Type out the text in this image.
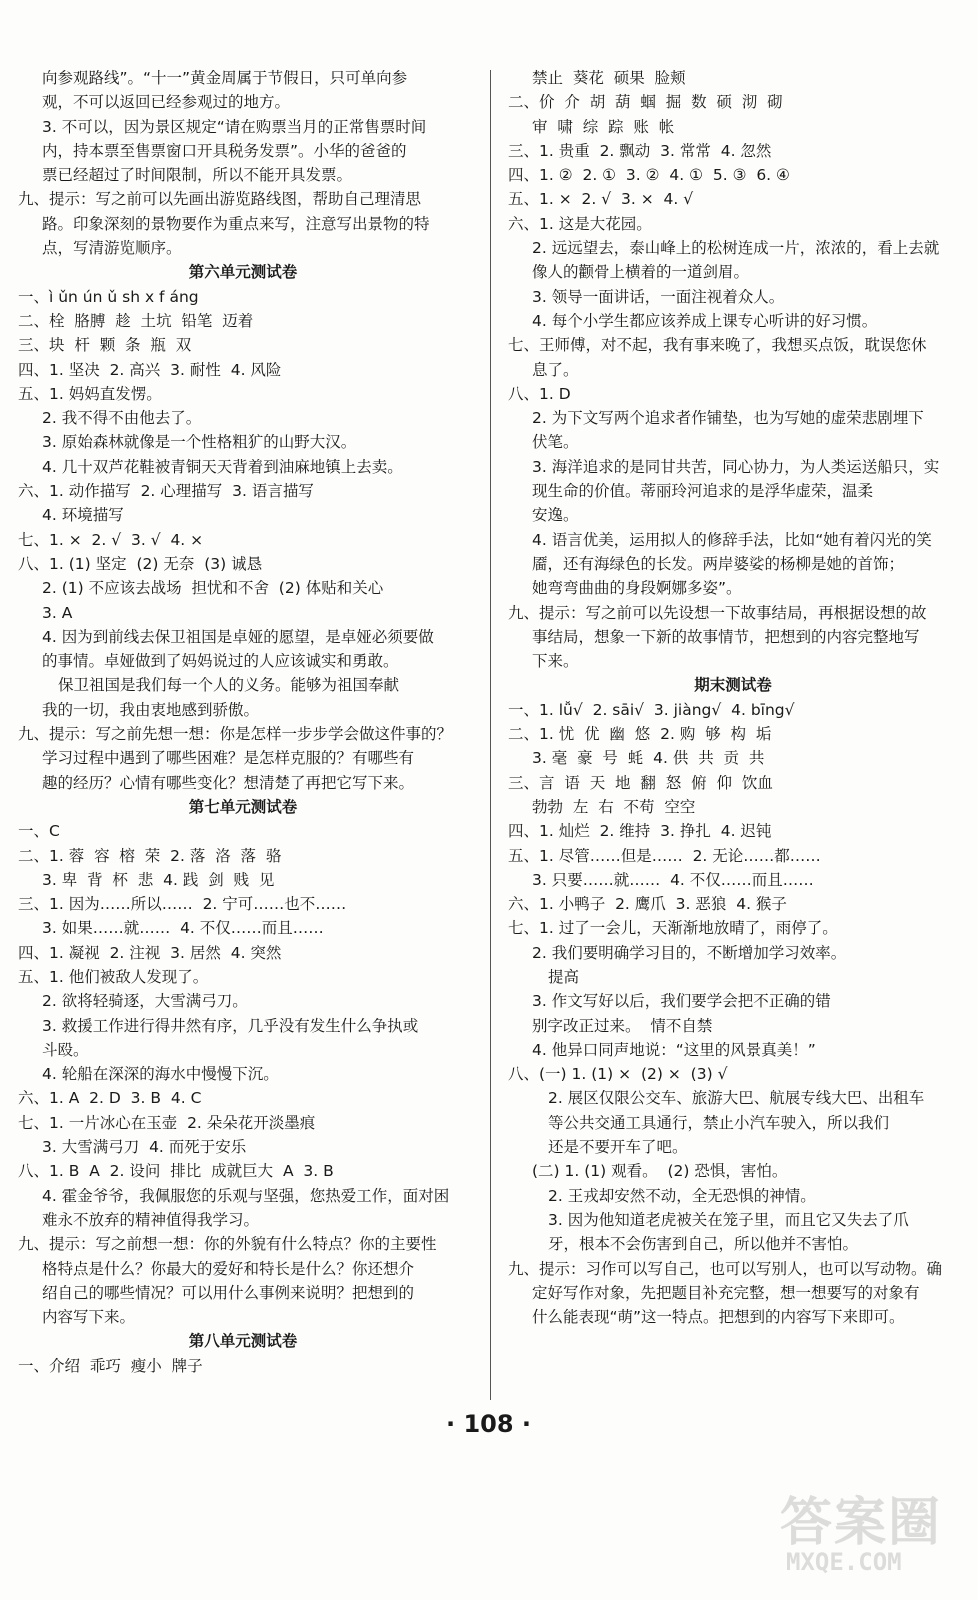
向参观路线”。“十一”黄金周属于节假日，只可单向参
观，不可以返回已经参观过的地方。
3. 不可以，因为景区规定“请在购票当月的正常售票时间
内，持本票至售票窗口开具税务发票”。小华的爸爸的
票已经超过了时间限制，所以不能开具发票。
九、提示：写之前可以先画出游览路线图，帮助自己理清思
路。印象深刻的景物要作为重点来写，注意写出景物的特
点，写清游览顺序。
第六单元测试卷
一、ì ǔn ún ǔ sh x f áng
二、栓  胳膊  趁  土坑  铅笔  迈着
三、块  杆  颗  条  瓶  双
四、1. 坚决  2. 高兴  3. 耐性  4. 风险
五、1. 妈妈直发愣。
2. 我不得不由他去了。
3. 原始森林就像是一个性格粗犷的山野大汉。
4. 几十双芦花鞋被青铜天天背着到油麻地镇上去卖。
六、1. 动作描写  2. 心理描写  3. 语言描写
4. 环境描写
七、1. ×  2. √  3. √  4. ×
八、1. (1) 坚定  (2) 无奈  (3) 诚恳
2. (1) 不应该去战场  担忧和不舍  (2) 体贴和关心
3. A
4. 因为到前线去保卫祖国是卓娅的愿望，是卓娅必须要做
的事情。卓娅做到了妈妈说过的人应该诚实和勇敢。
保卫祖国是我们每一个人的义务。能够为祖国奉献
我的一切，我由衷地感到骄傲。
九、提示：写之前先想一想：你是怎样一步步学会做这件事的？
学习过程中遇到了哪些困难？是怎样克服的？有哪些有
趣的经历？心情有哪些变化？想清楚了再把它写下来。
第七单元测试卷
一、C
二、1. 蓉  容  榕  荣  2. 落  洛  落  骆
3. 卑  背  杯  悲  4. 践  剑  贱  见
三、1. 因为……所以……  2. 宁可……也不……
3. 如果……就……  4. 不仅……而且……
四、1. 凝视  2. 注视  3. 居然  4. 突然
五、1. 他们被敌人发现了。
2. 欲将轻骑逐，大雪满弓刀。
3. 救援工作进行得井然有序，几乎没有发生什么争执或
斗殴。
4. 轮船在深深的海水中慢慢下沉。
六、1. A  2. D  3. B  4. C
七、1. 一片冰心在玉壶  2. 朵朵花开淡墨痕
3. 大雪满弓刀  4. 而死于安乐
八、1. B  A  2. 设问  排比  成就巨大  A  3. B
4. 霍金爷爷，我佩服您的乐观与坚强，您热爱工作，面对困
难永不放弃的精神值得我学习。
九、提示：写之前想一想：你的外貌有什么特点？你的主要性
格特点是什么？你最大的爱好和特长是什么？你还想介
绍自己的哪些情况？可以用什么事例来说明？把想到的
内容写下来。
第八单元测试卷
一、介绍  乖巧  瘦小  牌子
禁止  葵花  硕果  脸颊
二、价  介  胡  葫  蝈  掘  数  硕  沏  砌
审  啸  综  踪  账  帐
三、1. 贵重  2. 飘动  3. 常常  4. 忽然
四、1. ②  2. ①  3. ②  4. ①  5. ③  6. ④
五、1. ×  2. √  3. ×  4. √
六、1. 这是大花园。
2. 远远望去，泰山峰上的松树连成一片，浓浓的，看上去就
像人的颧骨上横着的一道剑眉。
3. 领导一面讲话，一面注视着众人。
4. 每个小学生都应该养成上课专心听讲的好习惯。
七、王师傅，对不起，我有事来晚了，我想买点饭，耽误您休
息了。
八、1. D
2. 为下文写两个追求者作铺垫，也为写她的虚荣悲剧埋下
伏笔。
3. 海洋追求的是同甘共苦，同心协力，为人类运送船只，实
现生命的价值。蒂丽玲河追求的是浮华虚荣，温柔
安逸。
4. 语言优美，运用拟人的修辞手法，比如“她有着闪光的笑
靥，还有海绿色的长发。两岸婆娑的杨柳是她的首饰；
她弯弯曲曲的身段婀娜多姿”。
九、提示：写之前可以先设想一下故事结局，再根据设想的故
事结局，想象一下新的故事情节，把想到的内容完整地写
下来。
期末测试卷
一、1. lǚ√  2. sāi√  3. jiàng√  4. bīng√
二、1. 忧  优  幽  悠  2. 购  够  构  垢
3. 毫  豪  号  蚝  4. 供  共  贡  共
三、言  语  天  地  翻  怒  俯  仰  饮血
勃勃  左  右  不苟  空空
四、1. 灿烂  2. 维持  3. 挣扎  4. 迟钝
五、1. 尽管……但是……  2. 无论……都……
3. 只要……就……  4. 不仅……而且……
六、1. 小鸭子  2. 鹰爪  3. 恶狼  4. 猴子
七、1. 过了一会儿，天渐渐地放晴了，雨停了。
2. 我们要明确学习目的，不断增加学习效率。
提高
3. 作文写好以后，我们要学会把不正确的错
别字改正过来。  情不自禁
4. 他异口同声地说：“这里的风景真美！”
八、(一) 1. (1) ×  (2) ×  (3) √
2. 展区仅限公交车、旅游大巴、航展专线大巴、出租车
等公共交通工具通行，禁止小汽车驶入，所以我们
还是不要开车了吧。
(二) 1. (1) 观看。  (2) 恐惧，害怕。
2. 王戎却安然不动，全无恐惧的神情。
3. 因为他知道老虎被关在笼子里，而且它又失去了爪
牙，根本不会伤害到自己，所以他并不害怕。
九、提示：习作可以写自己，也可以写别人，也可以写动物。确
定好写作对象，先把题目补充完整，想一想要写的对象有
什么能表现“萌”这一特点。把想到的内容写下来即可。
· 108 ·
答案圈
MXQE.COM
